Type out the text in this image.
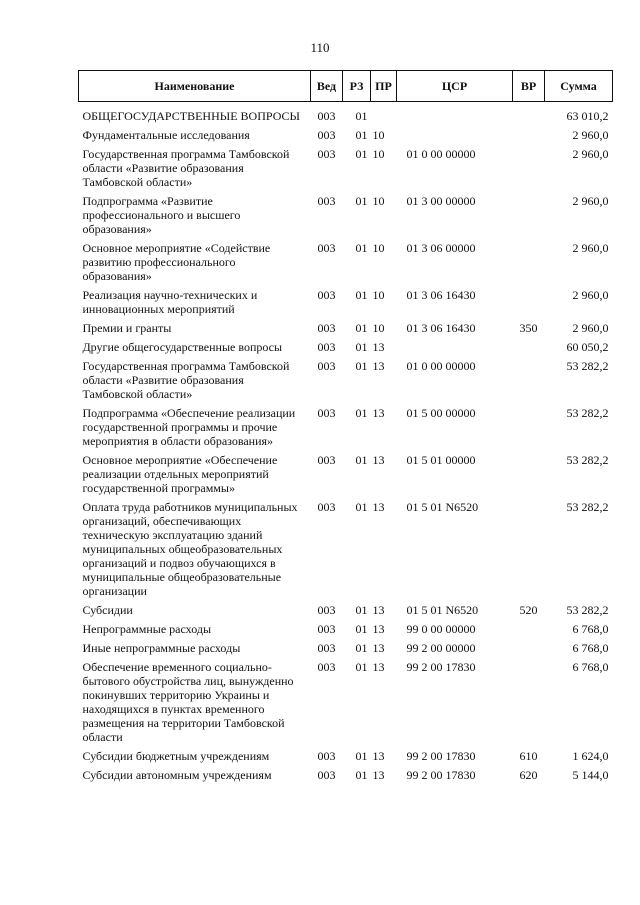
110
Наименование	Вед	РЗ	ПР	ЦСР	ВР	Сумма
ОБЩЕГОСУДАРСТВЕННЫЕ ВОПРОСЫ	003	01				63 010,2
Фундаментальные исследования	003	01	10			2 960,0
Государственная программа Тамбовской области «Развитие образования Тамбовской области»	003	01	10	01 0 00 00000		2 960,0
Подпрограмма «Развитие профессионального и высшего образования»	003	01	10	01 3 00 00000		2 960,0
Основное мероприятие «Содействие развитию профессионального образования»	003	01	10	01 3 06 00000		2 960,0
Реализация научно-технических и инновационных мероприятий	003	01	10	01 3 06 16430		2 960,0
Премии и гранты	003	01	10	01 3 06 16430	350	2 960,0
Другие общегосударственные вопросы	003	01	13			60 050,2
Государственная программа Тамбовской области «Развитие образования Тамбовской области»	003	01	13	01 0 00 00000		53 282,2
Подпрограмма «Обеспечение реализации государственной программы и прочие мероприятия в области образования»	003	01	13	01 5 00 00000		53 282,2
Основное мероприятие «Обеспечение реализации отдельных мероприятий государственной программы»	003	01	13	01 5 01 00000		53 282,2
Оплата труда работников муниципальных организаций, обеспечивающих техническую эксплуатацию зданий муниципальных общеобразовательных организаций и подвоз обучающихся в муниципальные общеобразовательные организации	003	01	13	01 5 01 N6520		53 282,2
Субсидии	003	01	13	01 5 01 N6520	520	53 282,2
Непрограммные расходы	003	01	13	99 0 00 00000		6 768,0
Иные непрограммные расходы	003	01	13	99 2 00 00000		6 768,0
Обеспечение временного социально-бытового обустройства лиц, вынужденно покинувших территорию Украины и находящихся в пунктах временного размещения на территории Тамбовской области	003	01	13	99 2 00 17830		6 768,0
Субсидии бюджетным учреждениям	003	01	13	99 2 00 17830	610	1 624,0
Субсидии автономным учреждениям	003	01	13	99 2 00 17830	620	5 144,0
